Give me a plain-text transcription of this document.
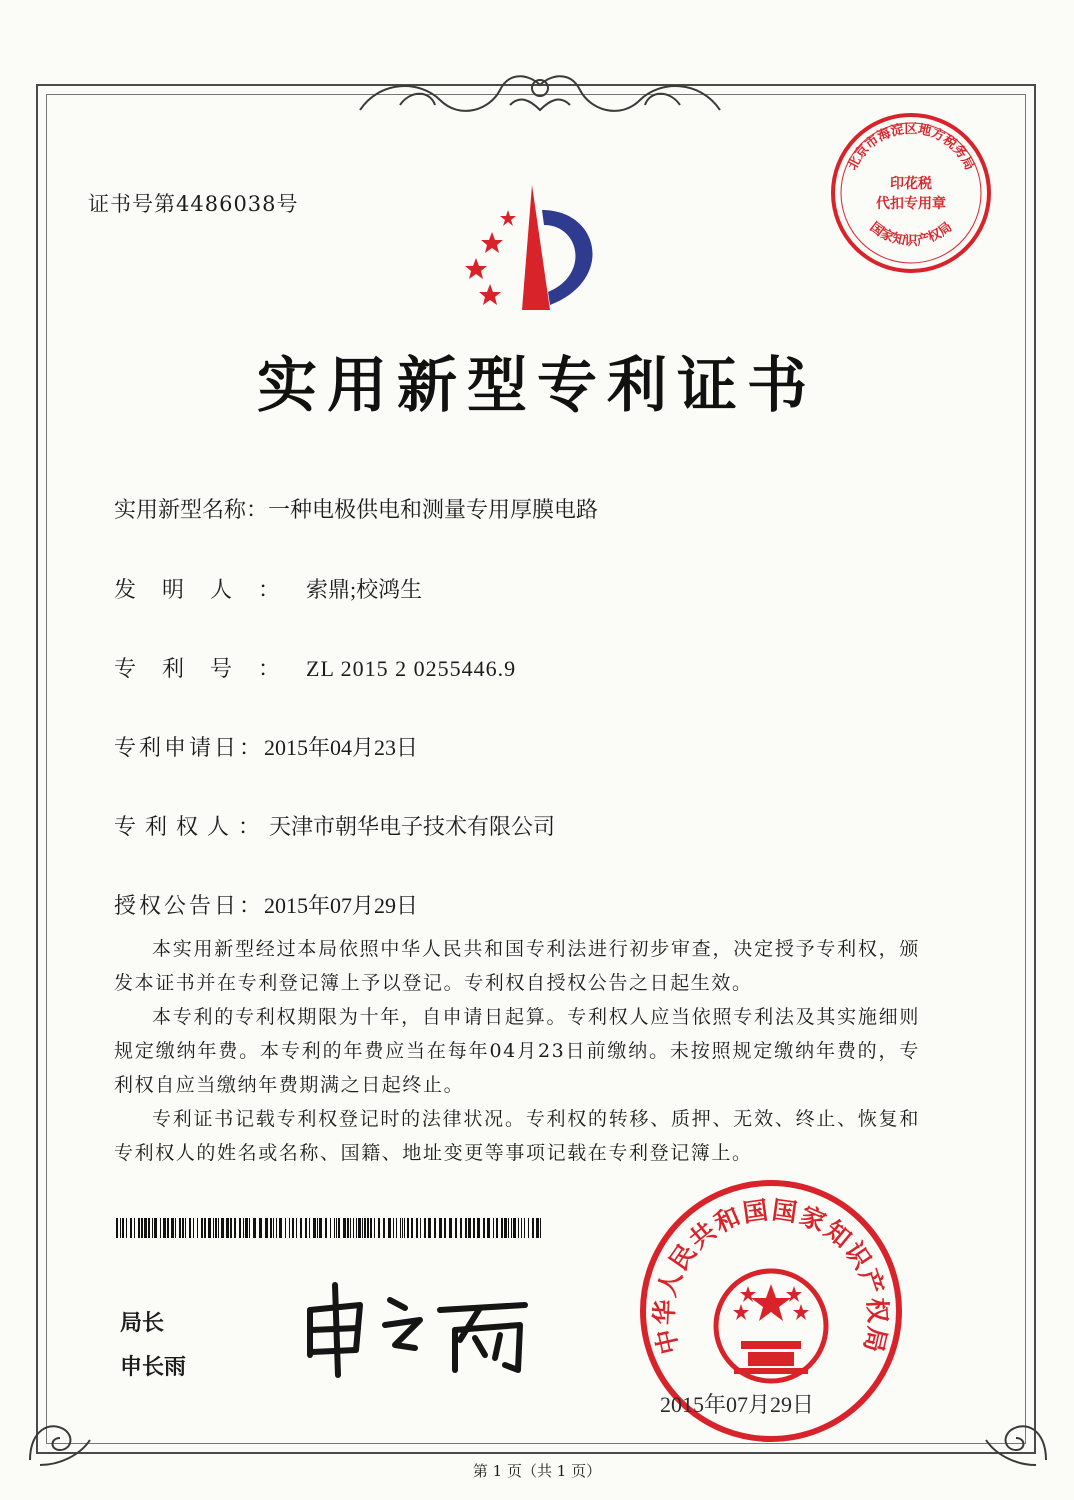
证书号第4486038号
北京市海淀区地方税务局
印花税
代扣专用章
国家知识产权局
实用新型专利证书
实用新型名称：一种电极供电和测量专用厚膜电路
发明人：索鼎;校鸿生
专利号：ZL 2015 2 0255446.9
专利申请日：2015年04月23日
专利权人：天津市朝华电子技术有限公司
授权公告日：2015年07月29日

本实用新型经过本局依照中华人民共和国专利法进行初步审查，决定授予专利权，颁发本证书并在专利登记簿上予以登记。专利权自授权公告之日起生效。

本专利的专利权期限为十年，自申请日起算。专利权人应当依照专利法及其实施细则规定缴纳年费。本专利的年费应当在每年04月23日前缴纳。未按照规定缴纳年费的，专利权自应当缴纳年费期满之日起终止。

专利证书记载专利权登记时的法律状况。专利权的转移、质押、无效、终止、恢复和专利权人的姓名或名称、国籍、地址变更等事项记载在专利登记簿上。

局长
申长雨
中华人民共和国国家知识产权局
2015年07月29日
第 1 页（共 1 页）
